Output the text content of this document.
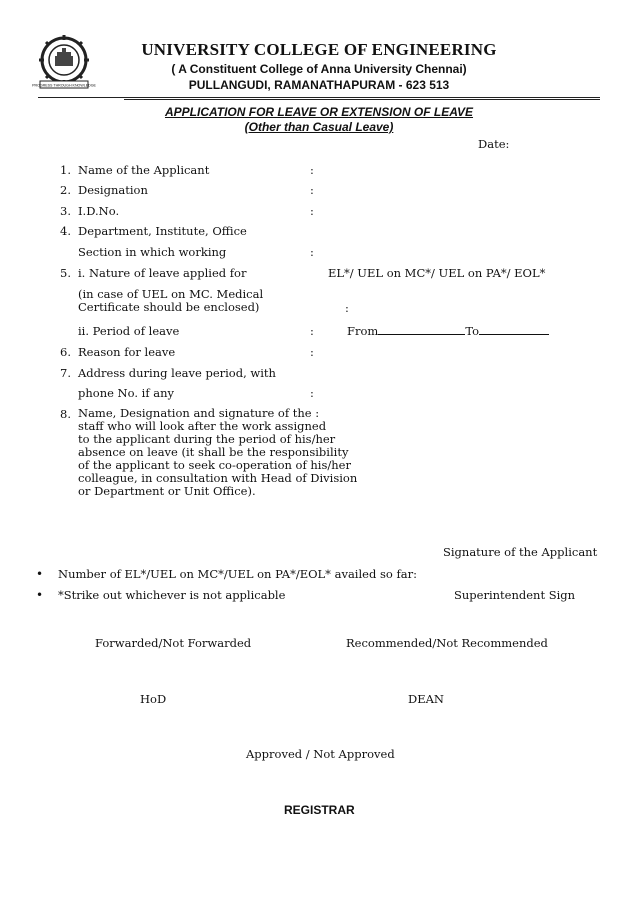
PROGRESS THROUGH KNOWLEDGE
UNIVERSITY COLLEGE OF ENGINEERING
( A Constituent College of Anna University Chennai)
PULLANGUDI, RAMANATHAPURAM - 623 513
APPLICATION FOR LEAVE OR EXTENSION OF LEAVE
(Other than Casual Leave)
Date:
1. Name of the Applicant	:
2. Designation	:
3. I.D.No.	:
4. Department, Institute, Office
Section in which working	:
5. i. Nature of leave applied for	EL*/ UEL on MC*/ UEL on PA*/ EOL*
(in case of UEL on MC. Medical
Certificate should be enclosed)	:
ii. Period of leave	:	From	To
6. Reason for leave	:
7. Address during leave period, with
phone No. if any	:
8. Name, Designation and signature of the :
staff who will look after the work assigned
to the applicant during the period of his/her
absence on leave (it shall be the responsibility
of the applicant to seek co-operation of his/her
colleague, in consultation with Head of Division
or Department or Unit Office).
Signature of the Applicant
• Number of EL*/UEL on MC*/UEL on PA*/EOL* availed so far:
• *Strike out whichever is not applicable	Superintendent Sign
Forwarded/Not Forwarded	Recommended/Not Recommended
HoD	DEAN
Approved / Not Approved
REGISTRAR
